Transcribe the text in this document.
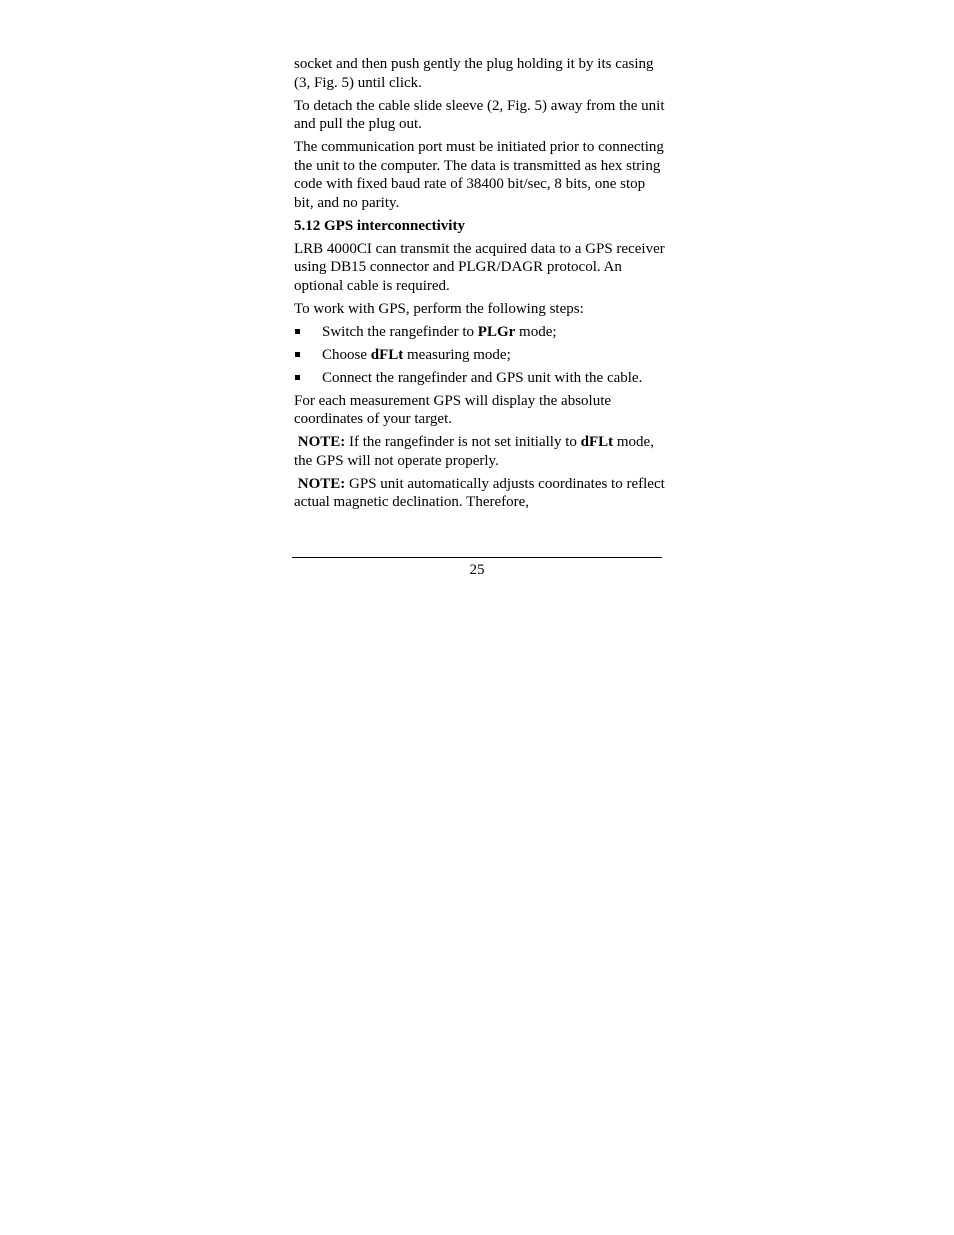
socket and then push gently the plug holding it by its casing (3, Fig. 5) until click.

To detach the cable slide sleeve (2, Fig. 5) away from the unit and pull the plug out.

The communication port must be initiated prior to connecting the unit to the computer. The data is transmitted as hex string code with fixed baud rate of 38400 bit/sec, 8 bits, one stop bit, and no parity.

5.12 GPS interconnectivity

LRB 4000CI can transmit the acquired data to a GPS receiver using DB15 connector and PLGR/DAGR protocol. An optional cable is required.

To work with GPS, perform the following steps:

Switch the rangefinder to PLGr mode;
Choose dFLt measuring mode;
Connect the rangefinder and GPS unit with the cable.

For each measurement GPS will display the absolute coordinates of your target.

NOTE: If the rangefinder is not set initially to dFLt mode, the GPS will not operate properly.

NOTE: GPS unit automatically adjusts coordinates to reflect actual magnetic declination. Therefore,

25
